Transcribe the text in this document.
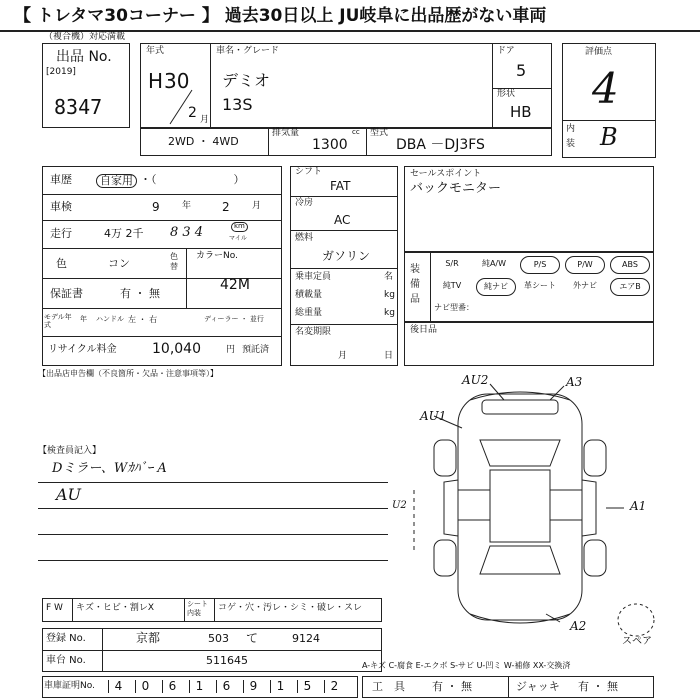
【 トレタマ30コーナー 】 過去30日以上 JU岐阜に出品歴がない車両
（複合機）対応満載
出品 No.
[2019]
8347
年式
H 30
2 月
車名・グレード
デミオ
13S
ドア
5
形状
HB
評価点
4
内
装 B
2WD ・ 4WD
排気量	cc
1300
型式
DBA －DJ3FS
車歴	自家用 ・（　　　　　　　）
車検	9 年	2 月
走行	4万 2千 8 3 4	km
マイル
色	コン
色替
保証書	有 ・ 無
カラーNo.
42M
モデル年式
年 ハンドル 左 ・ 右	ディーラー ・ 並行
リサイクル料金	10,040	円 預託済
シフト
FAT
冷房
AC
燃料
ガソリン
乗車定員	名
積載量	kg
総重量	kg
名変期限
月	日
セールスポイント
バックモニター
装備品
S/R	純A/W	P/S	P/W	ABS
純TV	純ナビ	革シート	外ナビ	エアB
ナビ型番：
後日品
【出品店申告欄（不良箇所・欠品・注意事項等）】
【検査員記入】
Dミラー、Wｶﾊﾞｰ A
AU
AU2	A3
AU1
U2	A1
A2
スペア
F W キズ・ヒビ・割レX	シート内装	コゲ・穴・汚レ・シミ・破レ・スレ
登録 No.	京都	503 て	9124
車台 No.	511645
車庫証明No.	4	0	6	1	6	9	1	5	2
A-キズ C-腐食 E-エクボ S-サビ U-凹ミ W-補修 XX-交換済
工　具 有 ・ 無	ジャッキ 有 ・ 無
